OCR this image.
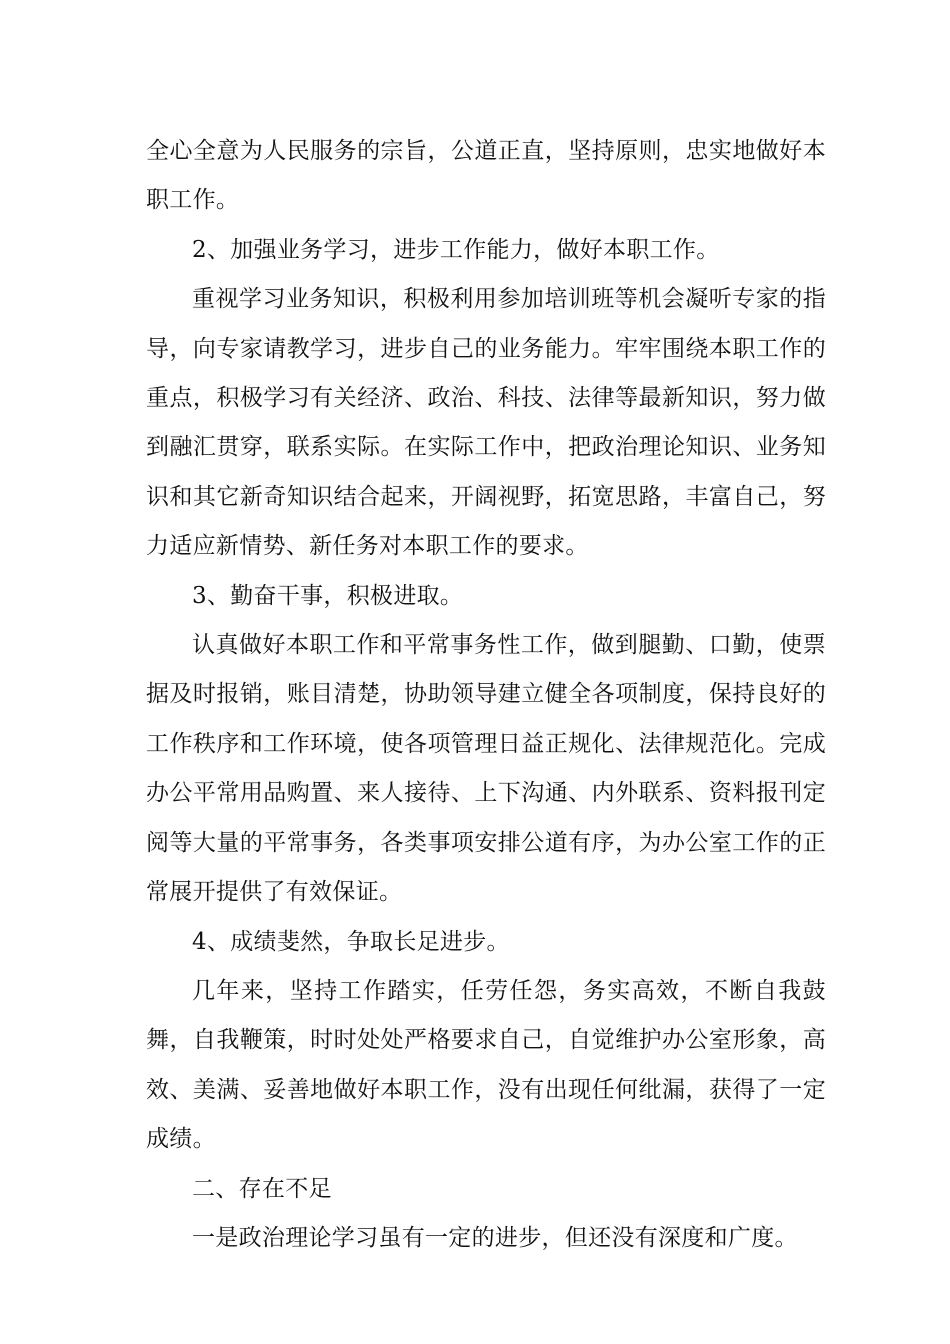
全心全意为人民服务的宗旨，公道正直，坚持原则，忠实地做好本职工作。

2、加强业务学习，进步工作能力，做好本职工作。

重视学习业务知识，积极利用参加培训班等机会凝听专家的指导，向专家请教学习，进步自己的业务能力。牢牢围绕本职工作的重点，积极学习有关经济、政治、科技、法律等最新知识，努力做到融汇贯穿，联系实际。在实际工作中，把政治理论知识、业务知识和其它新奇知识结合起来，开阔视野，拓宽思路，丰富自己，努力适应新情势、新任务对本职工作的要求。

3、勤奋干事，积极进取。

认真做好本职工作和平常事务性工作，做到腿勤、口勤，使票据及时报销，账目清楚，协助领导建立健全各项制度，保持良好的工作秩序和工作环境，使各项管理日益正规化、法律规范化。完成办公平常用品购置、来人接待、上下沟通、内外联系、资料报刊定阅等大量的平常事务，各类事项安排公道有序，为办公室工作的正常展开提供了有效保证。

4、成绩斐然，争取长足进步。

几年来，坚持工作踏实，任劳任怨，务实高效，不断自我鼓舞，自我鞭策，时时处处严格要求自己，自觉维护办公室形象，高效、美满、妥善地做好本职工作，没有出现任何纰漏，获得了一定成绩。

二、存在不足

一是政治理论学习虽有一定的进步，但还没有深度和广度。
